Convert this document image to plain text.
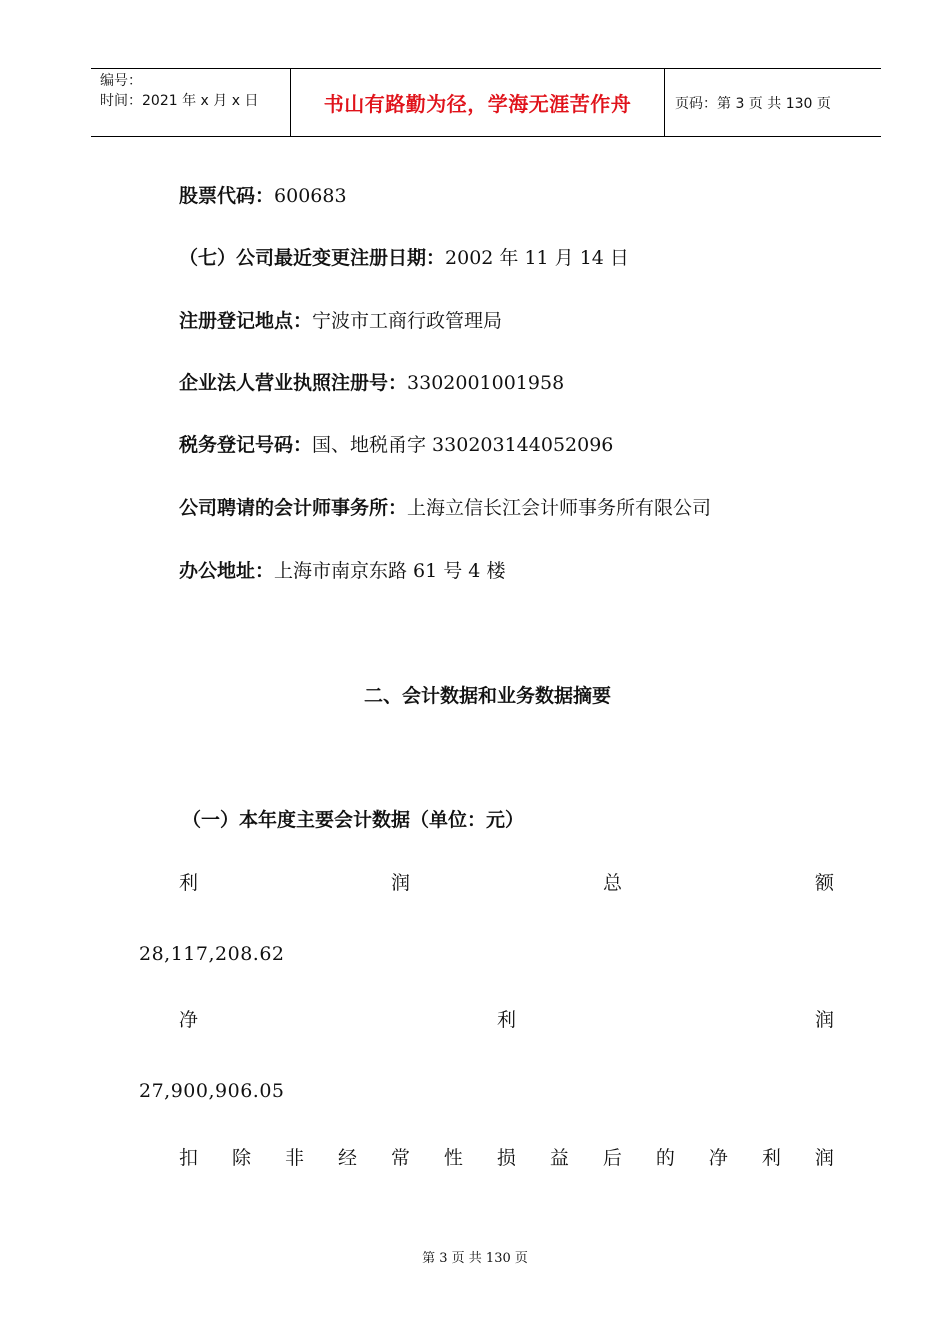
编号：
时间：2021 年 x 月 x 日	书山有路勤为径，学海无涯苦作舟	页码：第 3 页 共 130 页
股票代码：600683
（七）公司最近变更注册日期：2002 年 11 月 14 日
注册登记地点：宁波市工商行政管理局
企业法人营业执照注册号：3302001001958
税务登记号码：国、地税甬字 330203144052096
公司聘请的会计师事务所：上海立信长江会计师事务所有限公司
办公地址：上海市南京东路 61 号 4 楼
二、会计数据和业务数据摘要
（一）本年度主要会计数据（单位：元）
利	润	总	额
28,117,208.62
净	利	润
27,900,906.05
扣 除 非 经 常 性 损 益 后 的 净 利 润
第 3 页 共 130 页
